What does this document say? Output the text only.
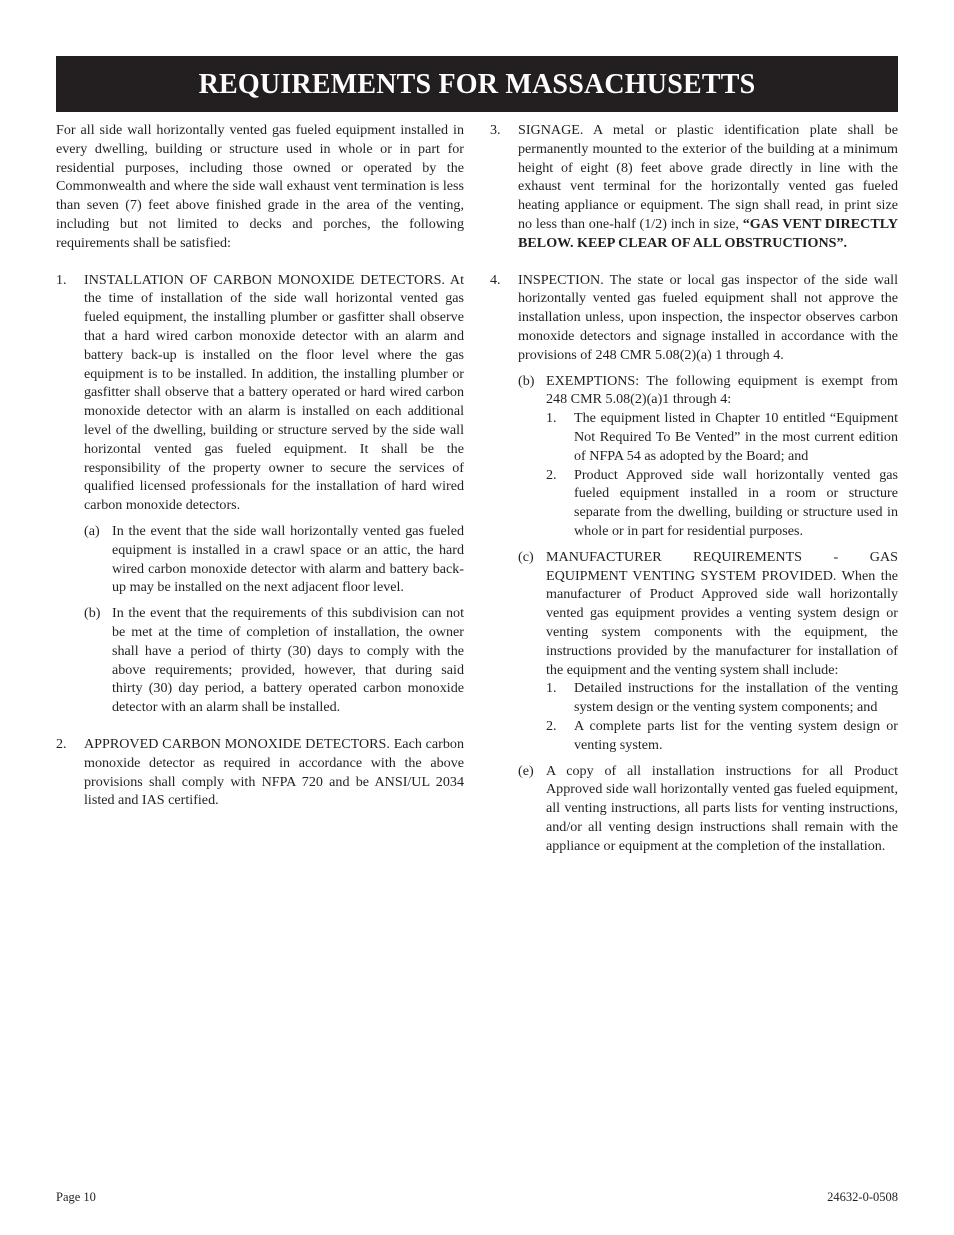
REQUIREMENTS FOR MASSACHUSETTS

For all side wall horizontally vented gas fueled equipment installed in every dwelling, building or structure used in whole or in part for residential purposes, including those owned or operated by the Commonwealth and where the side wall exhaust vent termination is less than seven (7) feet above finished grade in the area of the venting, including but not limited to decks and porches, the following requirements shall be satisfied:

1.	INSTALLATION OF CARBON MONOXIDE DETECTORS. At the time of installation of the side wall horizontal vented gas fueled equipment, the installing plumber or gasfitter shall observe that a hard wired carbon monoxide detector with an alarm and battery back-up is installed on the floor level where the gas equipment is to be installed. In addition, the installing plumber or gasfitter shall observe that a battery operated or hard wired carbon monoxide detector with an alarm is installed on each additional level of the dwelling, building or structure served by the side wall horizontal vented gas fueled equipment. It shall be the responsibility of the property owner to secure the services of qualified licensed professionals for the installation of hard wired carbon monoxide detectors.

(a) In the event that the side wall horizontally vented gas fueled equipment is installed in a crawl space or an attic, the hard wired carbon monoxide detector with alarm and battery back-up may be installed on the next adjacent floor level.

(b) In the event that the requirements of this subdivision can not be met at the time of completion of installation, the owner shall have a period of thirty (30) days to comply with the above requirements; provided, however, that during said thirty (30) day period, a battery operated carbon monoxide detector with an alarm shall be installed.

2.	APPROVED CARBON MONOXIDE DETECTORS. Each carbon monoxide detector as required in accordance with the above provisions shall comply with NFPA 720 and be ANSI/UL 2034 listed and IAS certified.

3.	SIGNAGE. A metal or plastic identification plate shall be permanently mounted to the exterior of the building at a minimum height of eight (8) feet above grade directly in line with the exhaust vent terminal for the horizontally vented gas fueled heating appliance or equipment. The sign shall read, in print size no less than one-half (1/2) inch in size, “GAS VENT DIRECTLY BELOW. KEEP CLEAR OF ALL OBSTRUCTIONS”.

4.	INSPECTION. The state or local gas inspector of the side wall horizontally vented gas fueled equipment shall not approve the installation unless, upon inspection, the inspector observes carbon monoxide detectors and signage installed in accordance with the provisions of 248 CMR 5.08(2)(a) 1 through 4.

(b) EXEMPTIONS: The following equipment is exempt from 248 CMR 5.08(2)(a)1 through 4:

1.	The equipment listed in Chapter 10 entitled “Equipment Not Required To Be Vented” in the most current edition of NFPA 54 as adopted by the Board; and
2.	Product Approved side wall horizontally vented gas fueled equipment installed in a room or structure separate from the dwelling, building or structure used in whole or in part for residential purposes.
(c) MANUFACTURER REQUIREMENTS - GAS EQUIPMENT VENTING SYSTEM PROVIDED. When the manufacturer of Product Approved side wall horizontally vented gas equipment provides a venting system design or venting system components with the equipment, the instructions provided by the manufacturer for installation of the equipment and the venting system shall include:

1.	Detailed instructions for the installation of the venting system design or the venting system components; and
2.	A complete parts list for the venting system design or venting system.
(e) A copy of all installation instructions for all Product Approved side wall horizontally vented gas fueled equipment, all venting instructions, all parts lists for venting instructions, and/or all venting design instructions shall remain with the appliance or equipment at the completion of the installation.

Page 10	24632-0-0508
